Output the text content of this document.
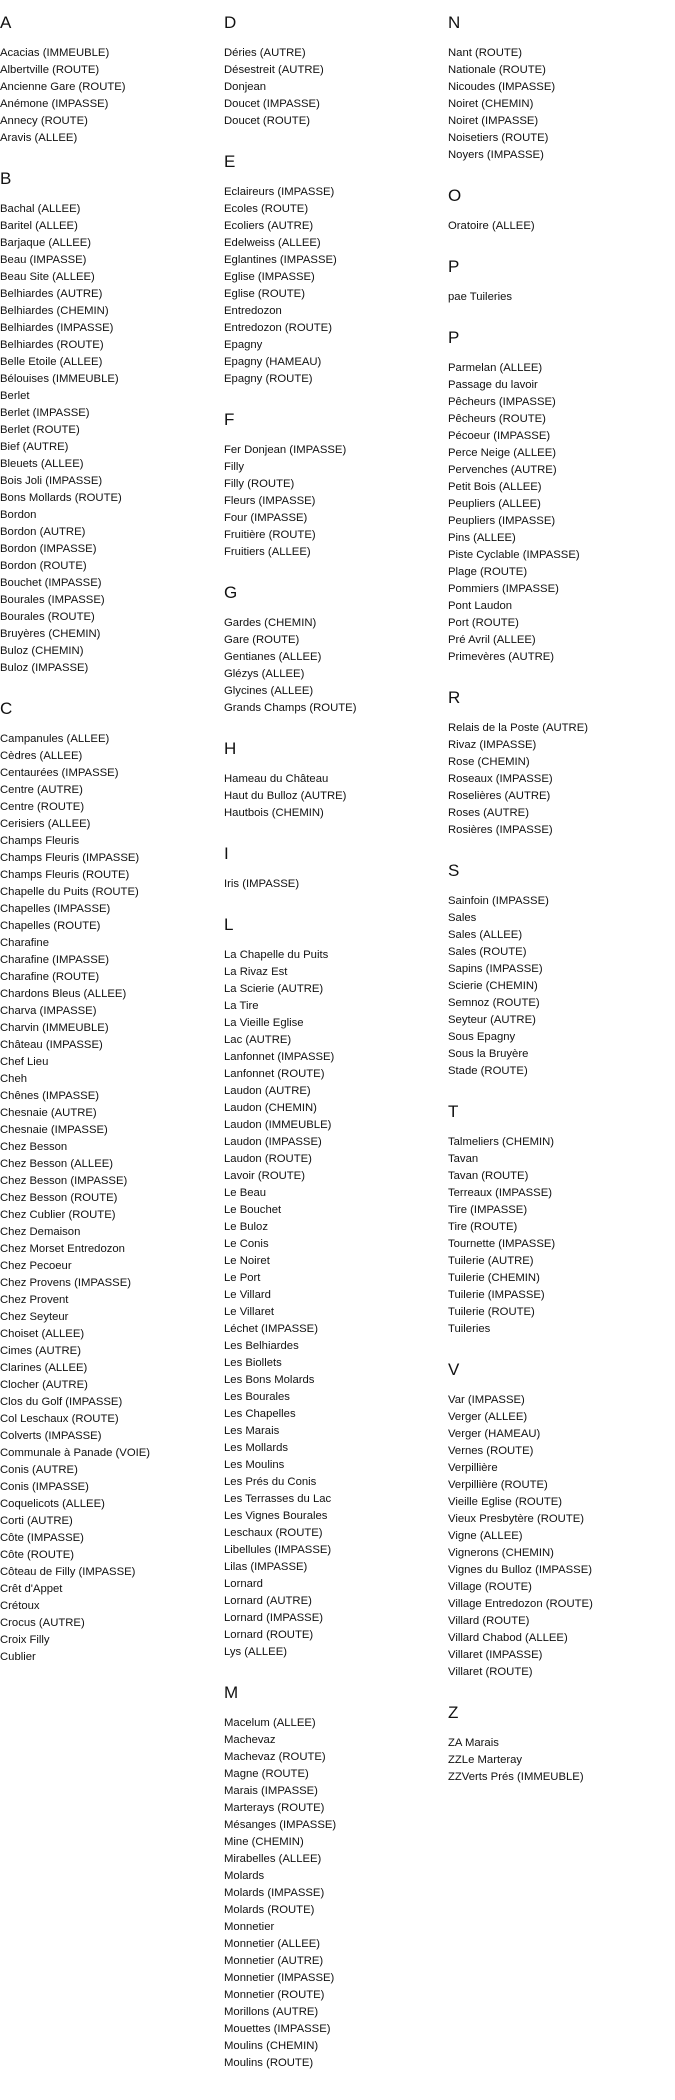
A
Acacias (IMMEUBLE)
Albertville (ROUTE)
Ancienne Gare (ROUTE)
Anémone (IMPASSE)
Annecy (ROUTE)
Aravis (ALLEE)
B
Bachal (ALLEE)
Baritel (ALLEE)
Barjaque (ALLEE)
Beau (IMPASSE)
Beau Site (ALLEE)
Belhiardes (AUTRE)
Belhiardes (CHEMIN)
Belhiardes (IMPASSE)
Belhiardes (ROUTE)
Belle Etoile (ALLEE)
Bélouises (IMMEUBLE)
Berlet
Berlet (IMPASSE)
Berlet (ROUTE)
Bief (AUTRE)
Bleuets (ALLEE)
Bois Joli (IMPASSE)
Bons Mollards (ROUTE)
Bordon
Bordon (AUTRE)
Bordon (IMPASSE)
Bordon (ROUTE)
Bouchet (IMPASSE)
Bourales (IMPASSE)
Bourales (ROUTE)
Bruyères (CHEMIN)
Buloz (CHEMIN)
Buloz (IMPASSE)
C
Campanules (ALLEE)
Cèdres (ALLEE)
Centaurées (IMPASSE)
Centre (AUTRE)
Centre (ROUTE)
Cerisiers (ALLEE)
Champs Fleuris
Champs Fleuris (IMPASSE)
Champs Fleuris (ROUTE)
Chapelle du Puits (ROUTE)
Chapelles (IMPASSE)
Chapelles (ROUTE)
Charafine
Charafine (IMPASSE)
Charafine (ROUTE)
Chardons Bleus (ALLEE)
Charva (IMPASSE)
Charvin (IMMEUBLE)
Château (IMPASSE)
Chef Lieu
Cheh
Chênes (IMPASSE)
Chesnaie (AUTRE)
Chesnaie (IMPASSE)
Chez Besson
Chez Besson (ALLEE)
Chez Besson (IMPASSE)
Chez Besson (ROUTE)
Chez Cublier (ROUTE)
Chez Demaison
Chez Morset Entredozon
Chez Pecoeur
Chez Provens (IMPASSE)
Chez Provent
Chez Seyteur
Choiset (ALLEE)
Cimes (AUTRE)
Clarines (ALLEE)
Clocher (AUTRE)
Clos du Golf (IMPASSE)
Col Leschaux (ROUTE)
Colverts (IMPASSE)
Communale à Panade (VOIE)
Conis (AUTRE)
Conis (IMPASSE)
Coquelicots (ALLEE)
Corti (AUTRE)
Côte (IMPASSE)
Côte (ROUTE)
Côteau de Filly (IMPASSE)
Crêt d'Appet
Crétoux
Crocus (AUTRE)
Croix Filly
Cublier
D
Déries (AUTRE)
Désestreit (AUTRE)
Donjean
Doucet (IMPASSE)
Doucet (ROUTE)
E
Eclaireurs (IMPASSE)
Ecoles (ROUTE)
Ecoliers (AUTRE)
Edelweiss (ALLEE)
Eglantines (IMPASSE)
Eglise (IMPASSE)
Eglise (ROUTE)
Entredozon
Entredozon (ROUTE)
Epagny
Epagny (HAMEAU)
Epagny (ROUTE)
F
Fer Donjean (IMPASSE)
Filly
Filly (ROUTE)
Fleurs (IMPASSE)
Four (IMPASSE)
Fruitière (ROUTE)
Fruitiers (ALLEE)
G
Gardes (CHEMIN)
Gare (ROUTE)
Gentianes (ALLEE)
Glézys (ALLEE)
Glycines (ALLEE)
Grands Champs (ROUTE)
H
Hameau du Château
Haut du Bulloz (AUTRE)
Hautbois (CHEMIN)
I
Iris (IMPASSE)
L
La Chapelle du Puits
La Rivaz Est
La Scierie (AUTRE)
La Tire
La Vieille Eglise
Lac (AUTRE)
Lanfonnet (IMPASSE)
Lanfonnet (ROUTE)
Laudon (AUTRE)
Laudon (CHEMIN)
Laudon (IMMEUBLE)
Laudon (IMPASSE)
Laudon (ROUTE)
Lavoir (ROUTE)
Le Beau
Le Bouchet
Le Buloz
Le Conis
Le Noiret
Le Port
Le Villard
Le Villaret
Léchet (IMPASSE)
Les Belhiardes
Les Biollets
Les Bons Molards
Les Bourales
Les Chapelles
Les Marais
Les Mollards
Les Moulins
Les Prés du Conis
Les Terrasses du Lac
Les Vignes Bourales
Leschaux (ROUTE)
Libellules (IMPASSE)
Lilas (IMPASSE)
Lornard
Lornard (AUTRE)
Lornard (IMPASSE)
Lornard (ROUTE)
Lys (ALLEE)
M
Macelum (ALLEE)
Machevaz
Machevaz (ROUTE)
Magne (ROUTE)
Marais (IMPASSE)
Marterays (ROUTE)
Mésanges (IMPASSE)
Mine (CHEMIN)
Mirabelles (ALLEE)
Molards
Molards (IMPASSE)
Molards (ROUTE)
Monnetier
Monnetier (ALLEE)
Monnetier (AUTRE)
Monnetier (IMPASSE)
Monnetier (ROUTE)
Morillons (AUTRE)
Mouettes (IMPASSE)
Moulins (CHEMIN)
Moulins (ROUTE)
N
Nant (ROUTE)
Nationale (ROUTE)
Nicoudes (IMPASSE)
Noiret (CHEMIN)
Noiret (IMPASSE)
Noisetiers (ROUTE)
Noyers (IMPASSE)
O
Oratoire (ALLEE)
P
pae Tuileries
P
Parmelan (ALLEE)
Passage du lavoir
Pêcheurs (IMPASSE)
Pêcheurs (ROUTE)
Pécoeur (IMPASSE)
Perce Neige (ALLEE)
Pervenches (AUTRE)
Petit Bois (ALLEE)
Peupliers (ALLEE)
Peupliers (IMPASSE)
Pins (ALLEE)
Piste Cyclable (IMPASSE)
Plage (ROUTE)
Pommiers (IMPASSE)
Pont Laudon
Port (ROUTE)
Pré Avril (ALLEE)
Primevères (AUTRE)
R
Relais de la Poste (AUTRE)
Rivaz (IMPASSE)
Rose (CHEMIN)
Roseaux (IMPASSE)
Roselières (AUTRE)
Roses (AUTRE)
Rosières (IMPASSE)
S
Sainfoin (IMPASSE)
Sales
Sales (ALLEE)
Sales (ROUTE)
Sapins (IMPASSE)
Scierie (CHEMIN)
Semnoz (ROUTE)
Seyteur (AUTRE)
Sous Epagny
Sous la Bruyère
Stade (ROUTE)
T
Talmeliers (CHEMIN)
Tavan
Tavan (ROUTE)
Terreaux (IMPASSE)
Tire (IMPASSE)
Tire (ROUTE)
Tournette (IMPASSE)
Tuilerie (AUTRE)
Tuilerie (CHEMIN)
Tuilerie (IMPASSE)
Tuilerie (ROUTE)
Tuileries
V
Var (IMPASSE)
Verger (ALLEE)
Verger (HAMEAU)
Vernes (ROUTE)
Verpillière
Verpillière (ROUTE)
Vieille Eglise (ROUTE)
Vieux Presbytère (ROUTE)
Vigne (ALLEE)
Vignerons (CHEMIN)
Vignes du Bulloz (IMPASSE)
Village (ROUTE)
Village Entredozon (ROUTE)
Villard (ROUTE)
Villard Chabod (ALLEE)
Villaret (IMPASSE)
Villaret (ROUTE)
Z
ZA Marais
ZZLe Marteray
ZZVerts Prés (IMMEUBLE)
